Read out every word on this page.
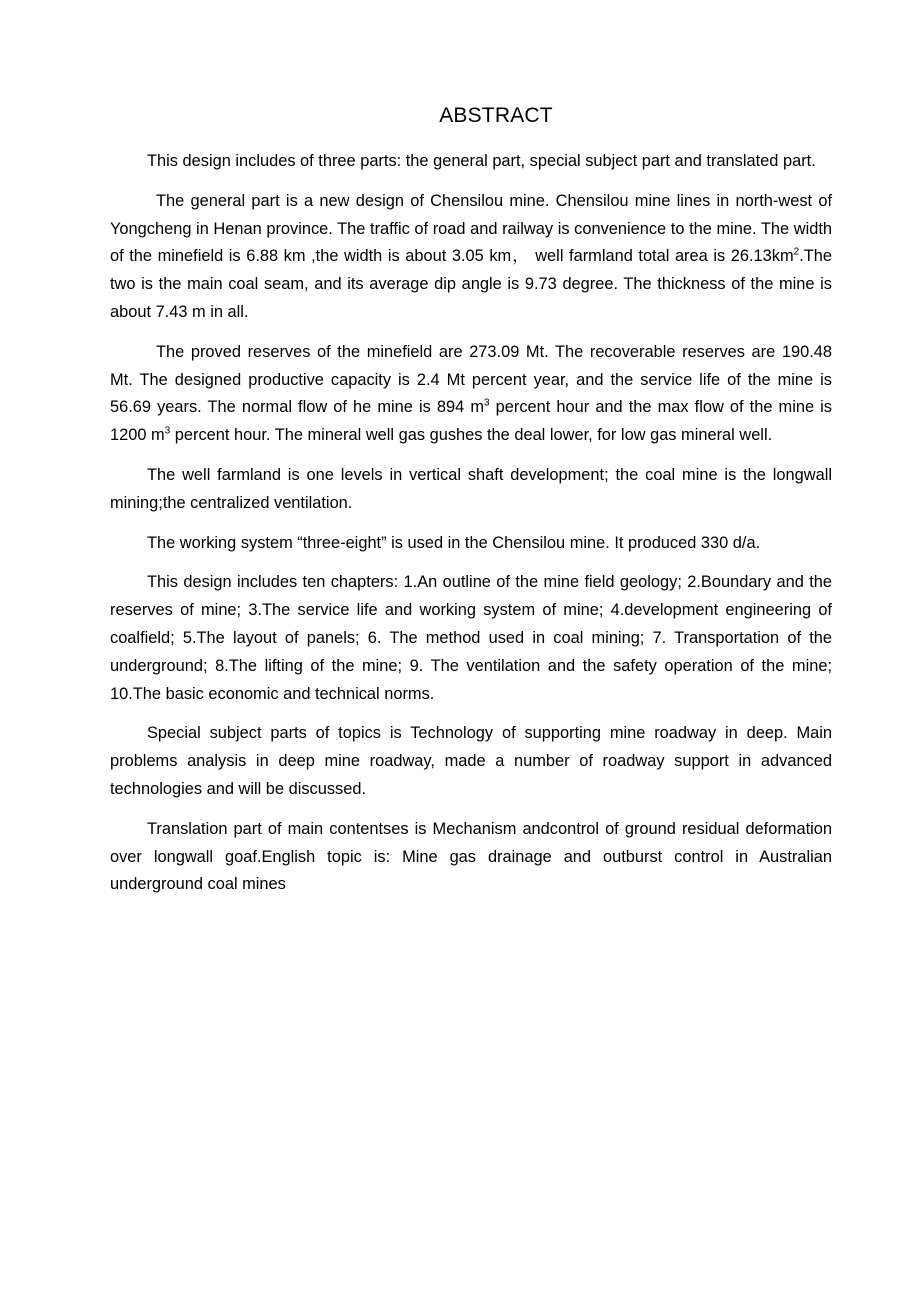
ABSTRACT

This design includes of three parts: the general part, special subject part and translated part.

The general part is a new design of Chensilou mine. Chensilou mine lines in north-west of Yongcheng in Henan province. The traffic of road and railway is convenience to the mine. The width of the minefield is 6.88 km ,the width is about 3.05 km， well farmland total area is $26.13km^2.The$ two is the main coal seam, and its average dip angle is 9.73 degree. The thickness of the mine is about 7.43 m in all.

The proved reserves of the minefield are 273.09 Mt. The recoverable reserves are 190.48 Mt. The designed productive capacity is 2.4 Mt percent year, and the service life of the mine is 56.69 years. The normal flow of he mine is 894 $m^3$ percent hour and the max flow of the mine is 1200 $m^3$ percent hour. The mineral well gas gushes the deal lower, for low gas mineral well.

The well farmland is one levels in vertical shaft development; the coal mine is the longwall mining;the centralized ventilation.

The working system “three-eight” is used in the Chensilou mine. It produced 330 d/a.

This design includes ten chapters: 1.An outline of the mine field geology; 2.Boundary and the reserves of mine; 3.The service life and working system of mine; 4.development engineering of coalfield; 5.The layout of panels; 6. The method used in coal mining; 7. Transportation of the underground; 8.The lifting of the mine; 9. The ventilation and the safety operation of the mine; 10.The basic economic and technical norms.

Special subject parts of topics is Technology of supporting mine roadway in deep. Main problems analysis in deep mine roadway, made a number of roadway support in advanced technologies and will be discussed.

Translation part of main contentses is Mechanism andcontrol of ground residual deformation over longwall goaf.English topic is: Mine gas drainage and outburst control in Australian underground coal mines
